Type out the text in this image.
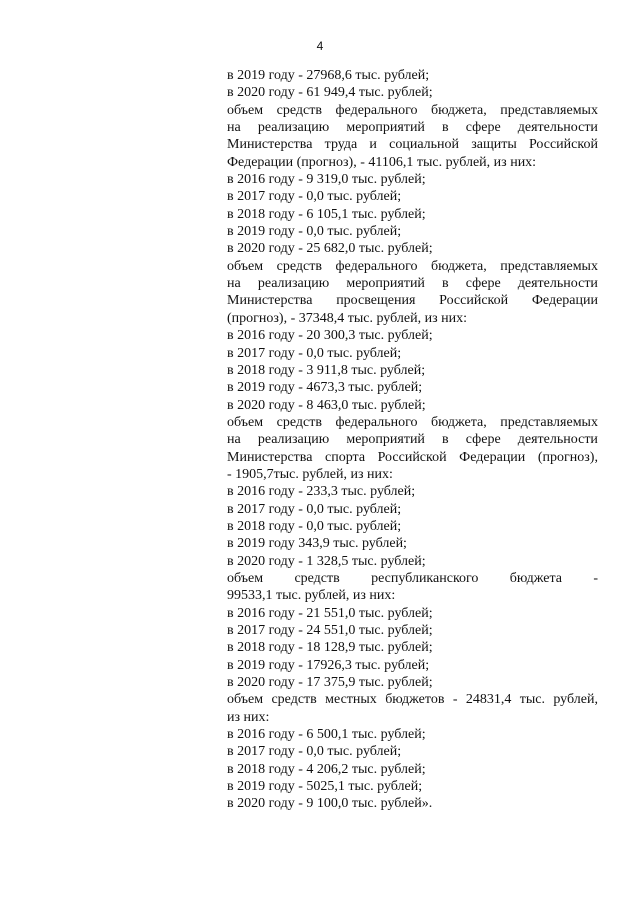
4
в 2019 году - 27968,6 тыс. рублей;
в 2020 году - 61 949,4 тыс. рублей;
объем средств федерального бюджета, представляемых
на реализацию мероприятий в сфере деятельности
Министерства труда и социальной защиты Российской
Федерации (прогноз), - 41106,1 тыс. рублей, из них:
в 2016 году - 9 319,0 тыс. рублей;
в 2017 году - 0,0 тыс. рублей;
в 2018 году - 6 105,1 тыс. рублей;
в 2019 году - 0,0 тыс. рублей;
в 2020 году - 25 682,0 тыс. рублей;
объем средств федерального бюджета, представляемых
на реализацию мероприятий в сфере деятельности
Министерства просвещения Российской Федерации
(прогноз), - 37348,4 тыс. рублей, из них:
в 2016 году - 20 300,3 тыс. рублей;
в 2017 году - 0,0 тыс. рублей;
в 2018 году - 3 911,8 тыс. рублей;
в 2019 году - 4673,3 тыс. рублей;
в 2020 году - 8 463,0 тыс. рублей;
объем средств федерального бюджета, представляемых
на реализацию мероприятий в сфере деятельности
Министерства спорта Российской Федерации (прогноз),
- 1905,7тыс. рублей, из них:
в 2016 году - 233,3 тыс. рублей;
в 2017 году - 0,0 тыс. рублей;
в 2018 году - 0,0 тыс. рублей;
в 2019 году 343,9 тыс. рублей;
в 2020 году - 1 328,5 тыс. рублей;
объем средств республиканского бюджета -
99533,1 тыс. рублей, из них:
в 2016 году - 21 551,0 тыс. рублей;
в 2017 году - 24 551,0 тыс. рублей;
в 2018 году - 18 128,9 тыс. рублей;
в 2019 году - 17926,3 тыс. рублей;
в 2020 году - 17 375,9 тыс. рублей;
объем средств местных бюджетов - 24831,4 тыс. рублей,
из них:
в 2016 году - 6 500,1 тыс. рублей;
в 2017 году - 0,0 тыс. рублей;
в 2018 году - 4 206,2 тыс. рублей;
в 2019 году - 5025,1 тыс. рублей;
в 2020 году - 9 100,0 тыс. рублей».
